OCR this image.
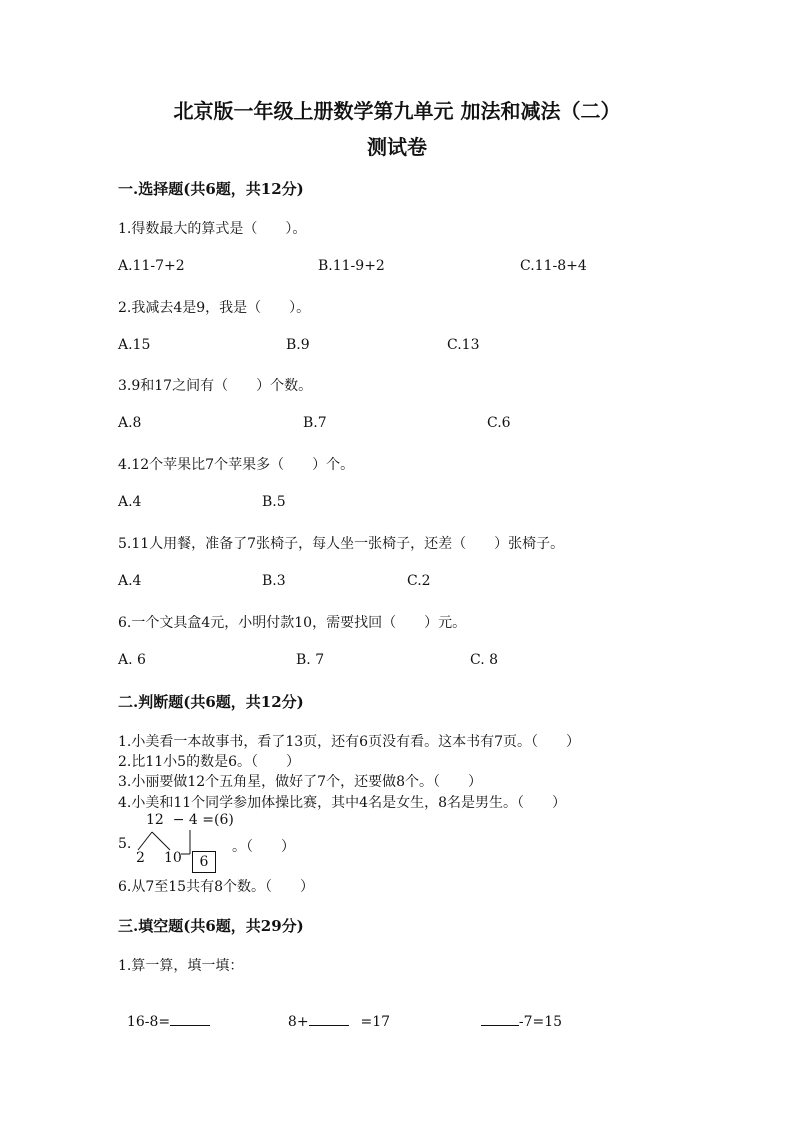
北京版一年级上册数学第九单元 加法和减法（二）
测试卷
一.选择题(共6题，共12分)
1.得数最大的算式是（　　）。
A.11-7+2	B.11-9+2	C.11-8+4
2.我减去4是9，我是（　　）。
A.15	B.9	C.13
3.9和17之间有（　　）个数。
A.8	B.7	C.6
4.12个苹果比7个苹果多（　　）个。
A.4	B.5
5.11人用餐，准备了7张椅子，每人坐一张椅子，还差（　　）张椅子。
A.4	B.3	C.2
6.一个文具盒4元，小明付款10，需要找回（　　）元。
A. 6	B. 7	C. 8
二.判断题(共6题，共12分)
1.小美看一本故事书，看了13页，还有6页没有看。这本书有7页。（　　）
2.比11小5的数是6。（　　）
3.小丽要做12个五角星，做好了7个，还要做8个。（　　）
4.小美和11个同学参加体操比赛，其中4名是女生，8名是男生。（　　）
5.
12  − 4 =(6)
2 10	6
。（　　）
6.从7至15共有8个数。（　　）
三.填空题(共6题，共29分)
1.算一算，填一填：

16-8=	8+	=17	-7=15
